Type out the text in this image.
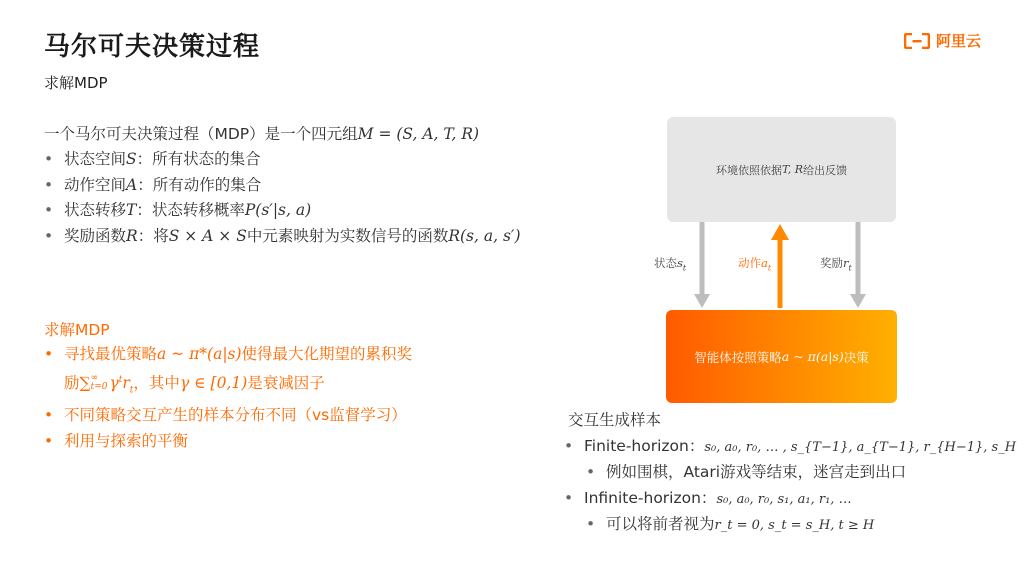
马尔可夫决策过程
求解MDP
阿里云
一个马尔可夫决策过程（MDP）是一个四元组M = (S, A, T, R)
• 状态空间S：所有状态的集合
• 动作空间A：所有动作的集合
• 状态转移T：状态转移概率P(s′|s, a)
• 奖励函数R：将S × A × S中元素映射为实数信号的函数R(s, a, s′)
求解MDP
• 寻找最优策略a ~ π*(a|s)使得最大化期望的累积奖
励∑ ∞
t=0 $\gamma^tr_t$，其中γ ∈ [0,1)是衰减因子
• 不同策略交互产生的样本分布不同（vs监督学习）
• 利用与探索的平衡
环境依照依据 T, R 给出反馈
状态$s_t$	动作$a_t$	奖励$r_t$
智能体按照策略 a ~ π(a|s) 决策
交互生成样本
• Finite-horizon：s₀, a₀, r₀, … , s_{T−1}, a_{T−1}, r_{H−1}, s_H
• 例如围棋，Atari游戏等结束，迷宫走到出口
• Infinite-horizon：s₀, a₀, r₀, s₁, a₁, r₁, …
• 可以将前者视为r_t = 0, s_t = s_H, t ≥ H
